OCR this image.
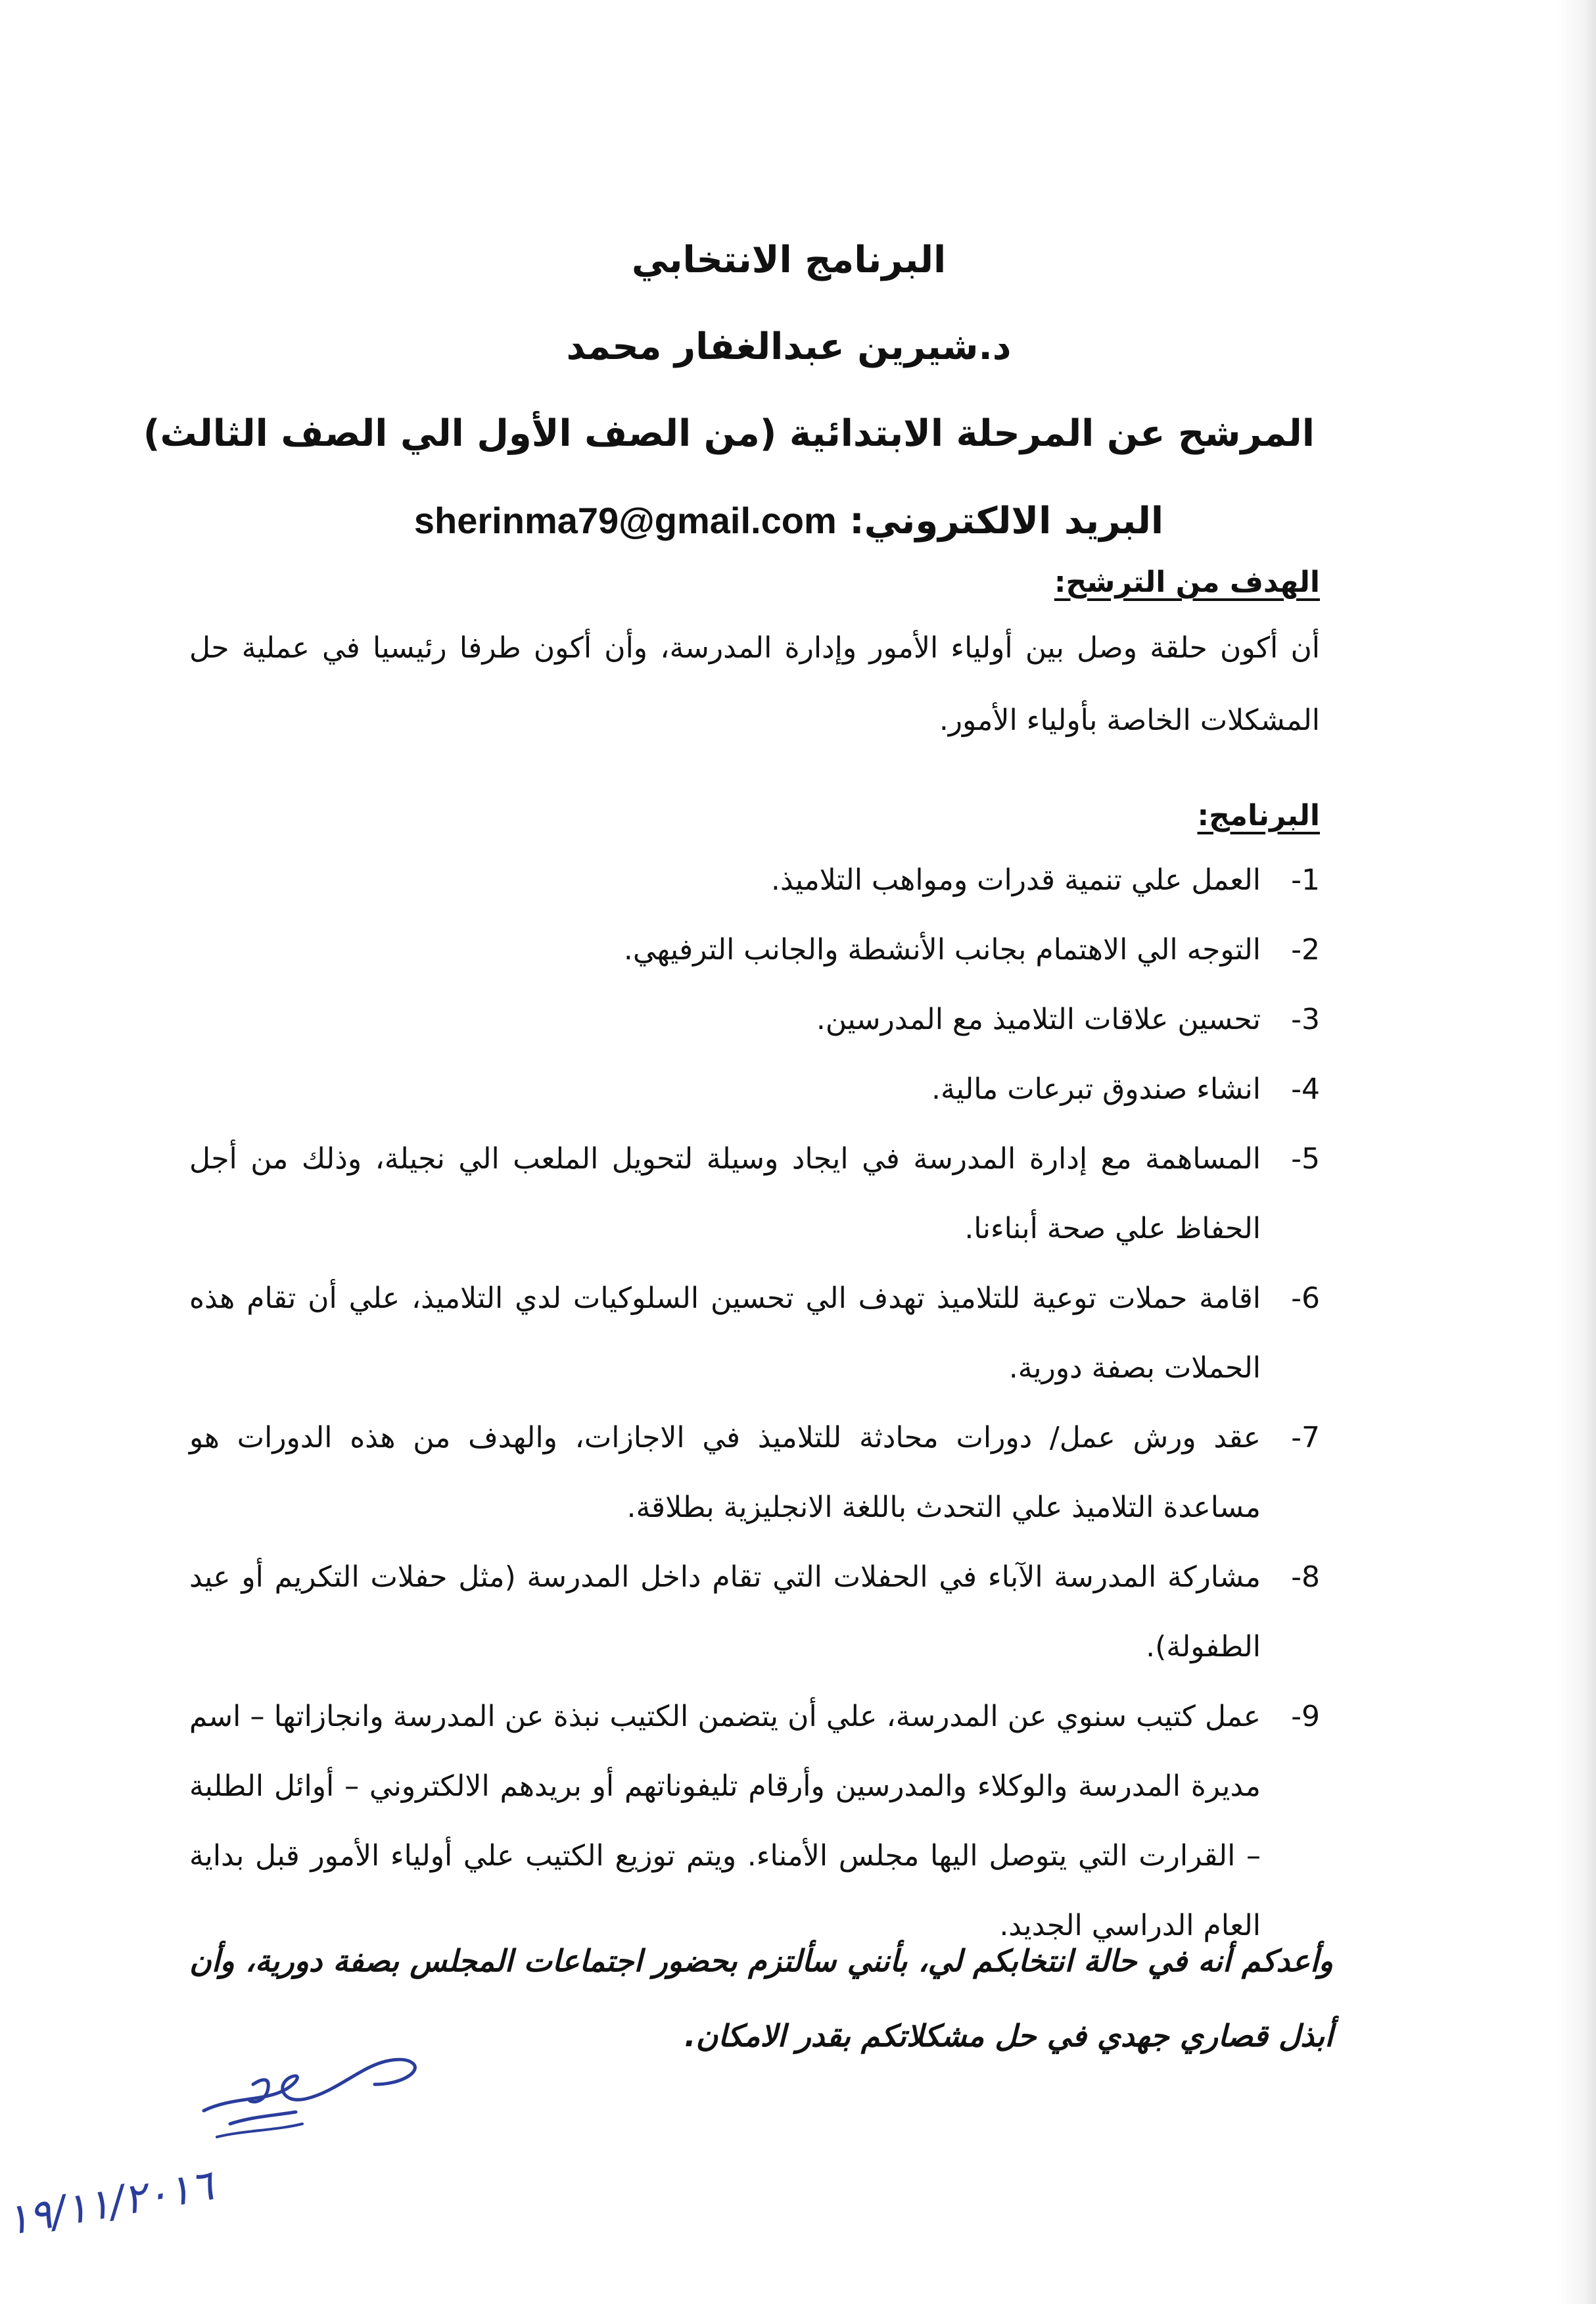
البرنامج الانتخابي
د.شيرين عبدالغفار محمد
المرشح عن المرحلة الابتدائية (من الصف الأول الي الصف الثالث)
البريد الالكتروني: sherinma79@gmail.com
الهدف من الترشح:
أن أكون حلقة وصل بين أولياء الأمور وإدارة المدرسة، وأن أكون طرفا رئيسيا في عملية حل المشكلات الخاصة بأولياء الأمور.
البرنامج:
1-
العمل علي تنمية قدرات ومواهب التلاميذ.
2-
التوجه الي الاهتمام بجانب الأنشطة والجانب الترفيهي.
3-
تحسين علاقات التلاميذ مع المدرسين.
4-
انشاء صندوق تبرعات مالية.
5-
المساهمة مع إدارة المدرسة في ايجاد وسيلة لتحويل الملعب الي نجيلة، وذلك من أجل الحفاظ علي صحة أبناءنا.
6-
اقامة حملات توعية للتلاميذ تهدف الي تحسين السلوكيات لدي التلاميذ، علي أن تقام هذه الحملات بصفة دورية.
7-
عقد ورش عمل/ دورات محادثة للتلاميذ في الاجازات، والهدف من هذه الدورات هو مساعدة التلاميذ علي التحدث باللغة الانجليزية بطلاقة.
8-
مشاركة المدرسة الآباء في الحفلات التي تقام داخل المدرسة (مثل حفلات التكريم أو عيد الطفولة).
9-
عمل كتيب سنوي عن المدرسة، علي أن يتضمن الكتيب نبذة عن المدرسة وانجازاتها – اسم مديرة المدرسة والوكلاء والمدرسين وأرقام تليفوناتهم أو بريدهم الالكتروني – أوائل الطلبة – القرارت التي يتوصل اليها مجلس الأمناء. ويتم توزيع الكتيب علي أولياء الأمور قبل بداية العام الدراسي الجديد.
وأعدكم أنه في حالة انتخابكم لي، بأنني سألتزم بحضور اجتماعات المجلس بصفة دورية، وأن أبذل قصاري جهدي في حل مشكلاتكم بقدر الامكان.
١٩/١١/٢٠١٦
